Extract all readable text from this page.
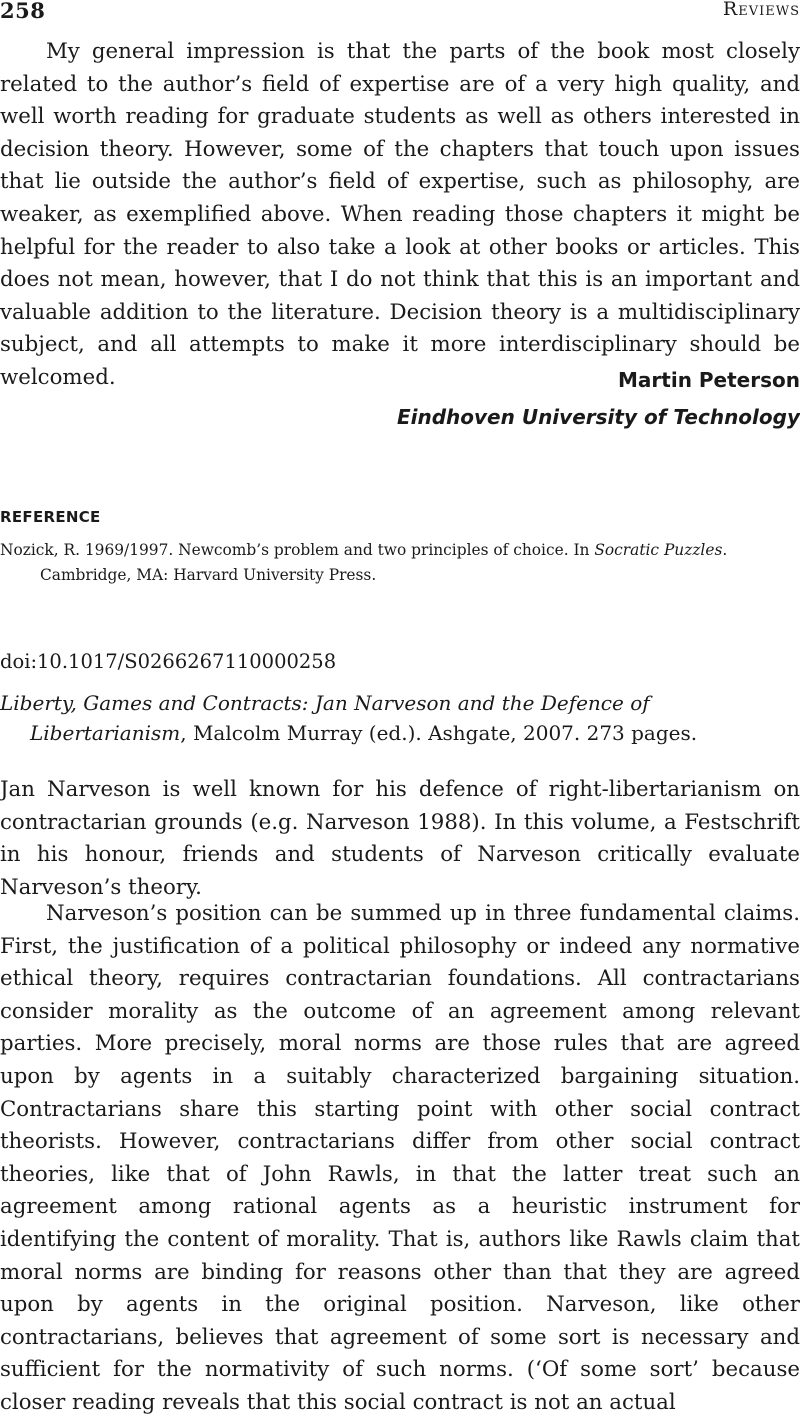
258	Reviews

My general impression is that the parts of the book most closely related to the author’s field of expertise are of a very high quality, and well worth reading for graduate students as well as others interested in decision theory. However, some of the chapters that touch upon issues that lie outside the author’s field of expertise, such as philosophy, are weaker, as exemplified above. When reading those chapters it might be helpful for the reader to also take a look at other books or articles. This does not mean, however, that I do not think that this is an important and valuable addition to the literature. Decision theory is a multidisciplinary subject, and all attempts to make it more interdisciplinary should be welcomed.	Martin Peterson
Eindhoven University of Technology
REFERENCE
Nozick, R. 1969/1997. Newcomb’s problem and two principles of choice. In Socratic Puzzles. Cambridge, MA: Harvard University Press.
doi:10.1017/S0266267110000258
Liberty, Games and Contracts: Jan Narveson and the Defence of Libertarianism, Malcolm Murray (ed.). Ashgate, 2007. 273 pages.

Jan Narveson is well known for his defence of right-libertarianism on contractarian grounds (e.g. Narveson 1988). In this volume, a Festschrift in his honour, friends and students of Narveson critically evaluate Narveson’s theory.

Narveson’s position can be summed up in three fundamental claims. First, the justification of a political philosophy or indeed any normative ethical theory, requires contractarian foundations. All contractarians consider morality as the outcome of an agreement among relevant parties. More precisely, moral norms are those rules that are agreed upon by agents in a suitably characterized bargaining situation. Contractarians share this starting point with other social contract theorists. However, contractarians differ from other social contract theories, like that of John Rawls, in that the latter treat such an agreement among rational agents as a heuristic instrument for identifying the content of morality. That is, authors like Rawls claim that moral norms are binding for reasons other than that they are agreed upon by agents in the original position. Narveson, like other contractarians, believes that agreement of some sort is necessary and sufficient for the normativity of such norms. (‘Of some sort’ because closer reading reveals that this social contract is not an actual
